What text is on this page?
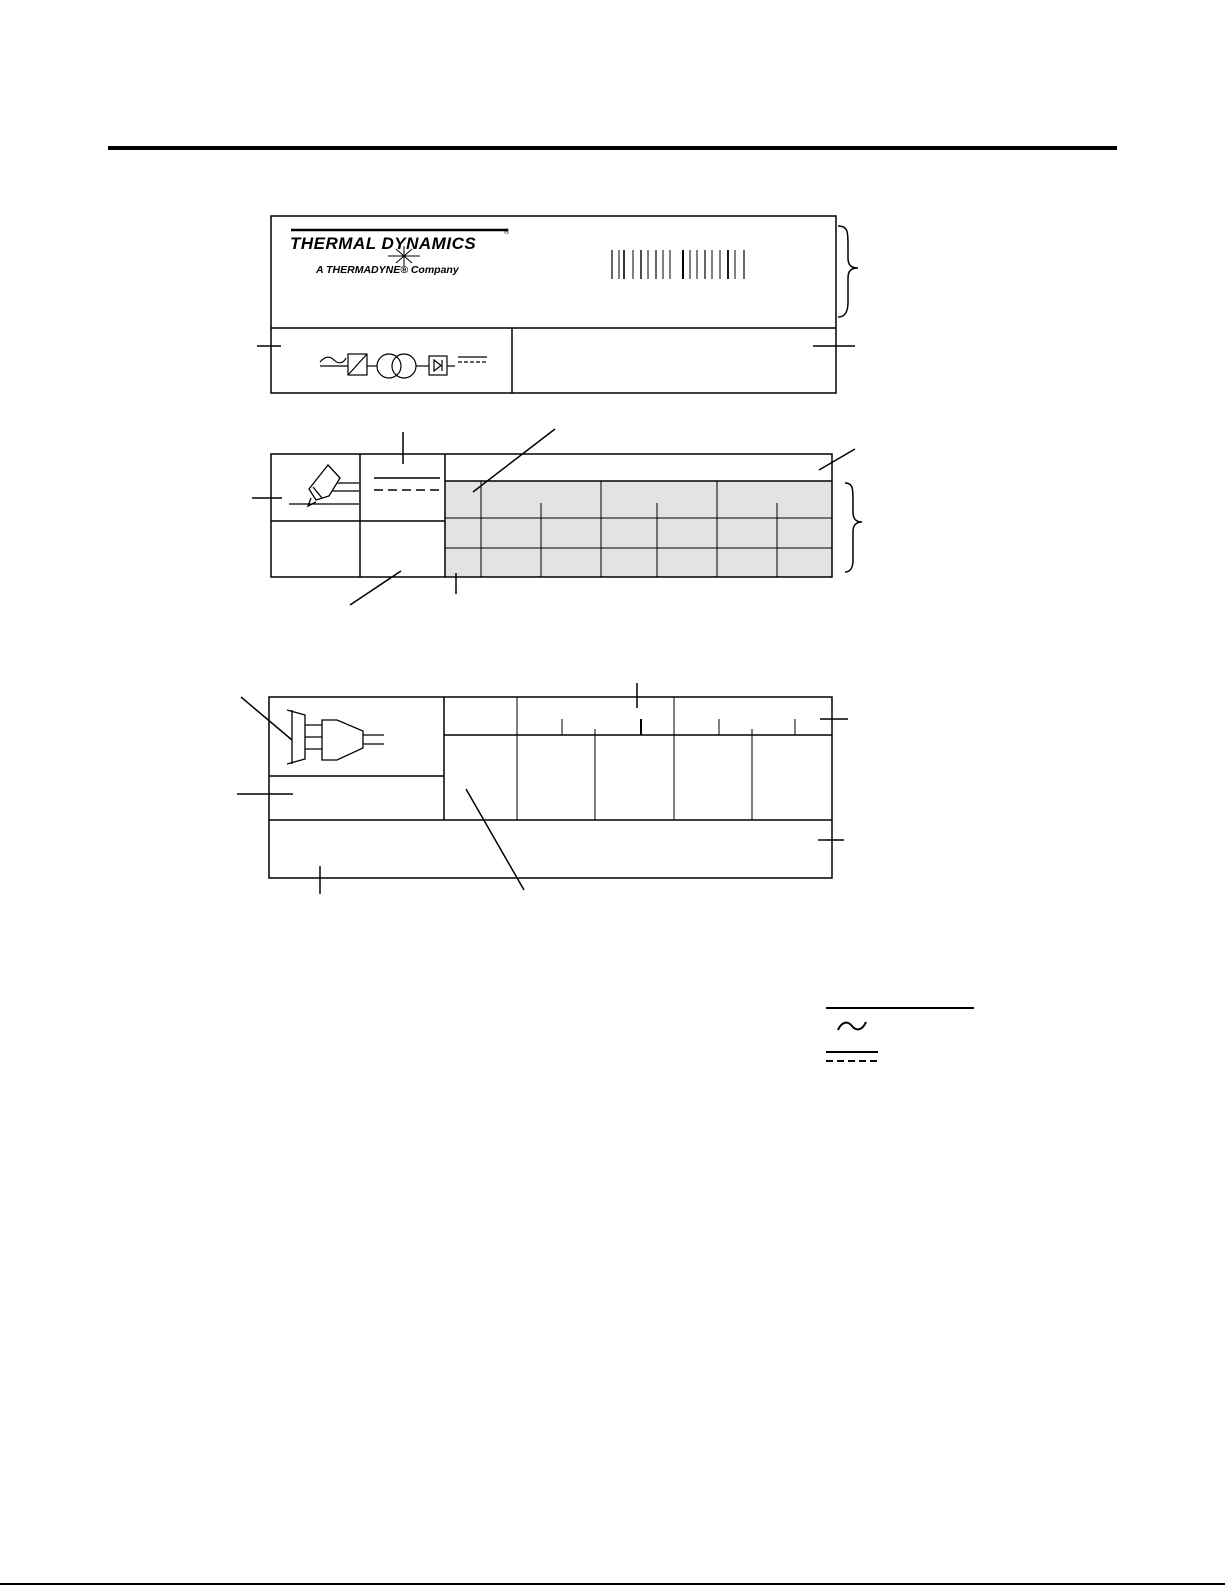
THERMAL DYNAMICS
®
A THERMADYNE® Company
